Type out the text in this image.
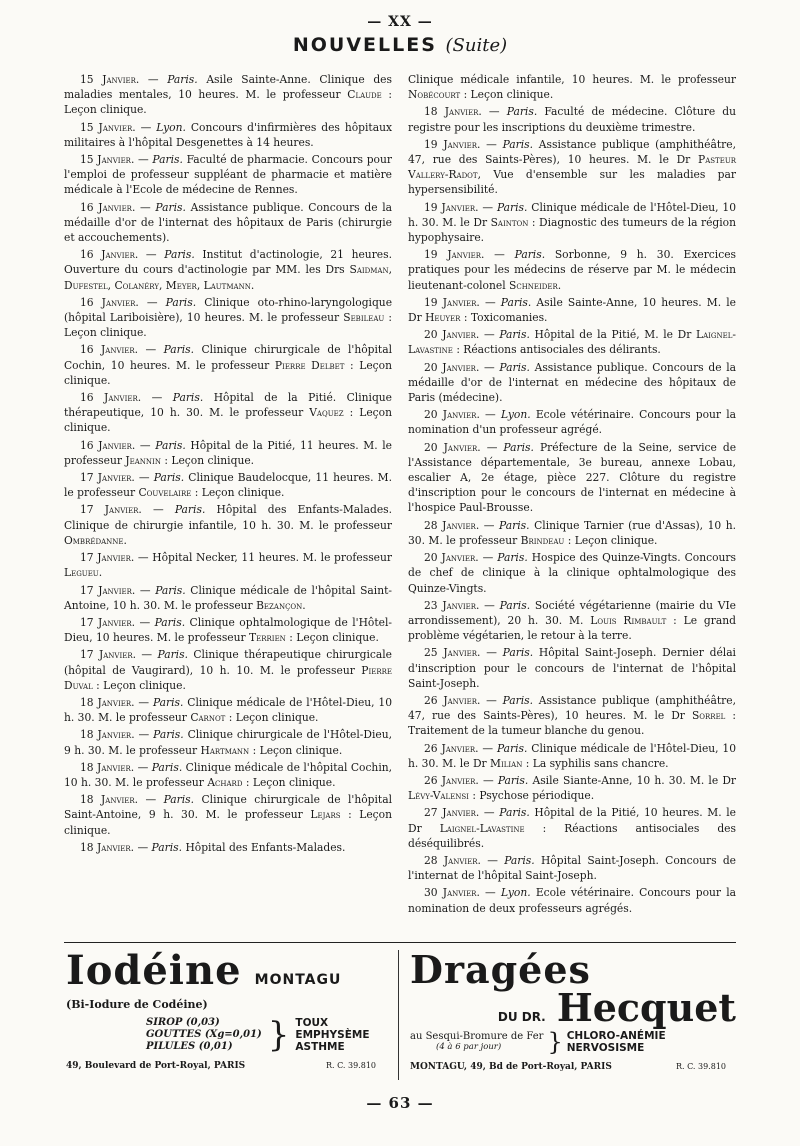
— XX —
NOUVELLES (Suite)

15 Janvier. — Paris. Asile Sainte-Anne. Clinique des maladies mentales, 10 heures. M. le professeur Claude : Leçon clinique.

15 Janvier. — Lyon. Concours d'infirmières des hôpitaux militaires à l'hôpital Desgenettes à 14 heures.

15 Janvier. — Paris. Faculté de pharmacie. Concours pour l'emploi de professeur suppléant de pharmacie et matière médicale à l'Ecole de médecine de Rennes.

16 Janvier. — Paris. Assistance publique. Concours de la médaille d'or de l'internat des hôpitaux de Paris (chirurgie et accouchements).

16 Janvier. — Paris. Institut d'actinologie, 21 heures. Ouverture du cours d'actinologie par MM. les Drs Saidman, Dufestel, Colanéry, Meyer, Lautmann.

16 Janvier. — Paris. Clinique oto-rhino-laryngologique (hôpital Lariboisière), 10 heures. M. le professeur Sebileau : Leçon clinique.

16 Janvier. — Paris. Clinique chirurgicale de l'hôpital Cochin, 10 heures. M. le professeur Pierre Delbet : Leçon clinique.

16 Janvier. — Paris. Hôpital de la Pitié. Clinique thérapeutique, 10 h. 30. M. le professeur Vaquez : Leçon clinique.

16 Janvier. — Paris. Hôpital de la Pitié, 11 heures. M. le professeur Jeannin : Leçon clinique.

17 Janvier. — Paris. Clinique Baudelocque, 11 heures. M. le professeur Couvelaire : Leçon clinique.

17 Janvier. — Paris. Hôpital des Enfants-Malades. Clinique de chirurgie infantile, 10 h. 30. M. le professeur Ombrédanne.

17 Janvier. — Hôpital Necker, 11 heures. M. le professeur Legueu.

17 Janvier. — Paris. Clinique médicale de l'hôpital Saint-Antoine, 10 h. 30. M. le professeur Bezançon.

17 Janvier. — Paris. Clinique ophtalmologique de l'Hôtel-Dieu, 10 heures. M. le professeur Terrien : Leçon clinique.

17 Janvier. — Paris. Clinique thérapeutique chirurgicale (hôpital de Vaugirard), 10 h. 10. M. le professeur Pierre Duval : Leçon clinique.

18 Janvier. — Paris. Clinique médicale de l'Hôtel-Dieu, 10 h. 30. M. le professeur Carnot : Leçon clinique.

18 Janvier. — Paris. Clinique chirurgicale de l'Hôtel-Dieu, 9 h. 30. M. le professeur Hartmann : Leçon clinique.

18 Janvier. — Paris. Clinique médicale de l'hôpital Cochin, 10 h. 30. M. le professeur Achard : Leçon clinique.

18 Janvier. — Paris. Clinique chirurgicale de l'hôpital Saint-Antoine, 9 h. 30. M. le professeur Lejars : Leçon clinique.

18 Janvier. — Paris. Hôpital des Enfants-Malades.

Clinique médicale infantile, 10 heures. M. le professeur Nobécourt : Leçon clinique.

18 Janvier. — Paris. Faculté de médecine. Clôture du registre pour les inscriptions du deuxième trimestre.

19 Janvier. — Paris. Assistance publique (amphithéâtre, 47, rue des Saints-Pères), 10 heures. M. le Dr Pasteur Vallery-Radot, Vue d'ensemble sur les maladies par hypersensibilité.

19 Janvier. — Paris. Clinique médicale de l'Hôtel-Dieu, 10 h. 30. M. le Dr Sainton : Diagnostic des tumeurs de la région hypophysaire.

19 Janvier. — Paris. Sorbonne, 9 h. 30. Exercices pratiques pour les médecins de réserve par M. le médecin lieutenant-colonel Schneider.

19 Janvier. — Paris. Asile Sainte-Anne, 10 heures. M. le Dr Heuyer : Toxicomanies.

20 Janvier. — Paris. Hôpital de la Pitié, M. le Dr Laignel-Lavastine : Réactions antisociales des délirants.

20 Janvier. — Paris. Assistance publique. Concours de la médaille d'or de l'internat en médecine des hôpitaux de Paris (médecine).

20 Janvier. — Lyon. Ecole vétérinaire. Concours pour la nomination d'un professeur agrégé.

20 Janvier. — Paris. Préfecture de la Seine, service de l'Assistance départementale, 3e bureau, annexe Lobau, escalier A, 2e étage, pièce 227. Clôture du registre d'inscription pour le concours de l'internat en médecine à l'hospice Paul-Brousse.

28 Janvier. — Paris. Clinique Tarnier (rue d'Assas), 10 h. 30. M. le professeur Brindeau : Leçon clinique.

20 Janvier. — Paris. Hospice des Quinze-Vingts. Concours de chef de clinique à la clinique ophtalmologique des Quinze-Vingts.

23 Janvier. — Paris. Société végétarienne (mairie du VIe arrondissement), 20 h. 30. M. Louis Rimbault : Le grand problème végétarien, le retour à la terre.

25 Janvier. — Paris. Hôpital Saint-Joseph. Dernier délai d'inscription pour le concours de l'internat de l'hôpital Saint-Joseph.

26 Janvier. — Paris. Assistance publique (amphithéâtre, 47, rue des Saints-Pères), 10 heures. M. le Dr Sorrel : Traitement de la tumeur blanche du genou.

26 Janvier. — Paris. Clinique médicale de l'Hôtel-Dieu, 10 h. 30. M. le Dr Milian : La syphilis sans chancre.

26 Janvier. — Paris. Asile Siante-Anne, 10 h. 30. M. le Dr Lévy-Valensi : Psychose périodique.

27 Janvier. — Paris. Hôpital de la Pitié, 10 heures. M. le Dr Laignel-Lavastine : Réactions antisociales des déséquilibrés.

28 Janvier. — Paris. Hôpital Saint-Joseph. Concours de l'internat de l'hôpital Saint-Joseph.

30 Janvier. — Lyon. Ecole vétérinaire. Concours pour la nomination de deux professeurs agrégés.

Iodéine MONTAGU
(Bi-Iodure de Codéine)
SIROP (0,03)
GOUTTES (Xg=0,01)
PILULES (0,01)	} TOUX
EMPHYSÈME
ASTHME
49, Boulevard de Port-Royal, PARIS	R. C. 39.810
Dragées
DU DR. Hecquet
au Sesqui-Bromure de Fer
(4 à 6 par jour)	} CHLORO-ANÉMIE
NERVOSISME
MONTAGU, 49, Bd de Port-Royal, PARIS	R. C. 39.810
— 63 —
